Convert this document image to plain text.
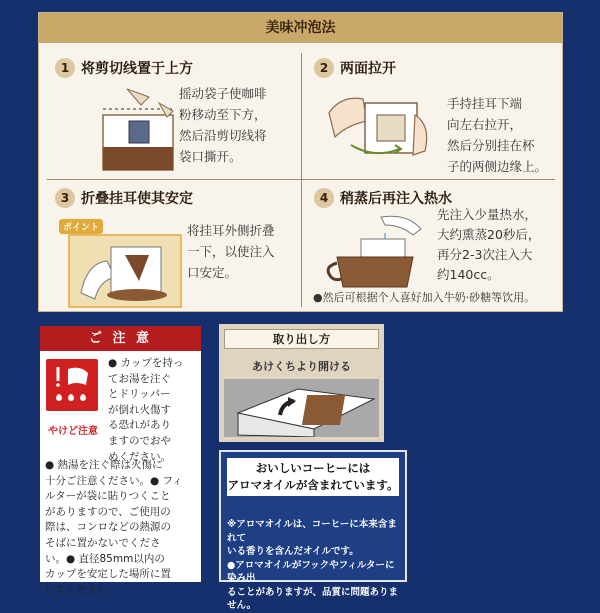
美味冲泡法
1 将剪切线置于上方
摇动袋子使咖啡
粉移动至下方，
然后沿剪切线将
袋口撕开。
2 两面拉开
手持挂耳下端
向左右拉开，
然后分别挂在杯
子的两侧边缘上。
3 折叠挂耳使其安定
ポイント	将挂耳外侧折叠
一下，以使注入
口安定。
4 稍蒸后再注入热水
先注入少量热水，
大约熏蒸20秒后，
再分2-3次注入大
约140cc。
●然后可根据个人喜好加入牛奶·砂糖等饮用。
ご 注 意
やけど注意
● カップを持っ
てお湯を注ぐ
とドリッパー
が倒れ火傷す
る恐れがあり
ますのでおや
めください。
● 熱湯を注ぐ際は火傷に
十分ご注意ください。● フィ
ルターが袋に貼りつくこと
がありますので、ご使用の
際は、コンロなどの熱源の
そばに置かないでくださ
い。● 直径85mm以内の
カップを安定した場所に置
いてください。
取り出し方
あけくちより開ける
おいしいコーヒーには
アロマオイルが含まれています。
※アロマオイルは、コーヒーに本来含まれて
いる香りを含んだオイルです。
●アロマオイルがフックやフィルターに染み出
ることがありますが、品質に問題ありません。
